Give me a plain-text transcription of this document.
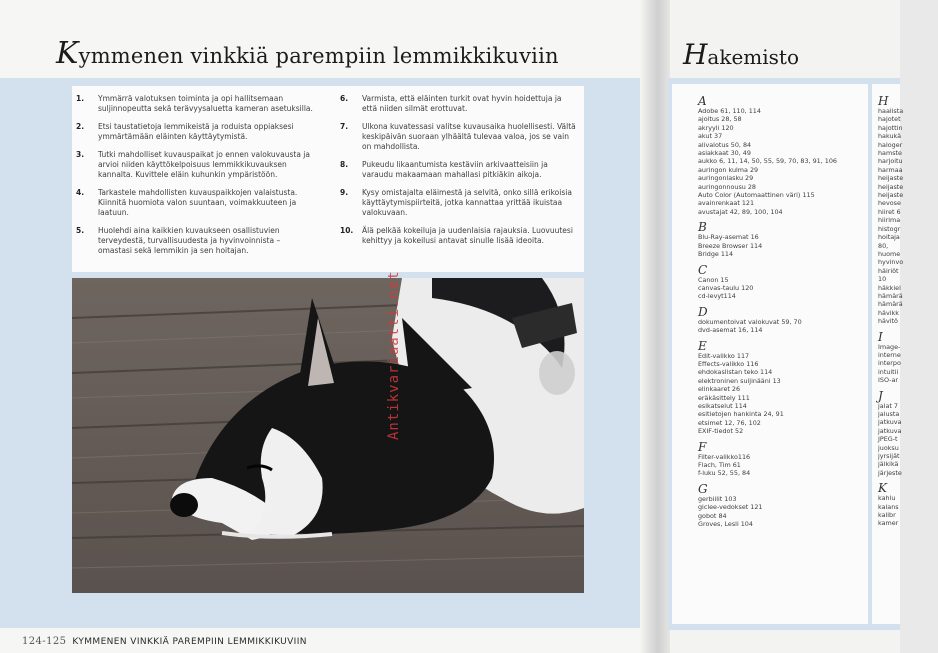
Kymmenen vinkkiä parempiin lemmikkikuviin
1. Ymmärrä valotuksen toiminta ja opi hallitsemaan suljinnopeutta sekä terävyysaluetta kameran asetuksilla.
2. Etsi taustatietoja lemmikeistä ja roduista oppiaksesi ymmärtämään eläinten käyttäytymistä.
3. Tutki mahdolliset kuvauspaikat jo ennen valokuvausta ja arvioi niiden käyttökelpoisuus lemmikkikuvauksen kannalta. Kuvittele eläin kuhunkin ympäristöön.
4. Tarkastele mahdollisten kuvauspaikkojen valaistusta. Kiinnitä huomiota valon suuntaan, voimakkuuteen ja laatuun.
5. Huolehdi aina kaikkien kuvaukseen osallistuvien terveydestä, turvallisuudesta ja hyvinvoinnista – omastasi sekä lemmikin ja sen hoitajan.
6. Varmista, että eläinten turkit ovat hyvin hoidettuja ja että niiden silmät erottuvat.
7. Ulkona kuvatessasi valitse kuvausaika huolellisesti. Vältä keskipäivän suoraan ylhäältä tulevaa valoa, jos se vain on mahdollista.
8. Pukeudu likaantumista kestäviin arkivaatteisiin ja varaudu makaamaan mahallasi pitkiäkin aikoja.
9. Kysy omistajalta eläimestä ja selvitä, onko sillä erikoisia käyttäytymispiirteitä, jotka kannattaa yrittää ikuistaa valokuvaan.
10. Älä pelkää kokeiluja ja uudenlaisia rajauksia. Luovuutesi kehittyy ja kokeilusi antavat sinulle lisää ideoita.
Antikvariaatti.net
124-125 KYMMENEN VINKKIÄ PAREMPIIN LEMMIKKIKUVIIN
Hakemisto
A
Adobe 61, 110, 114
ajoitus 28, 58
akryyli 120
akut 37
alivalotus 50, 84
asiakkaat 30, 49
aukko 6, 11, 14, 50, 55, 59, 70, 83, 91, 106
auringon kulma 29
auringonlasku 29
auringonnousu 28
Auto Color (Automaattinen väri) 115
avainrenkaat 121
avustajat 42, 89, 100, 104
B
Blu-Ray-asemat 16
Breeze Browser 114
Bridge 114
C
Canon 15
canvas-taulu 120
cd-levyt114
D
dokumentoivat valokuvat 59, 70
dvd-asemat 16, 114
E
Edit-valikko 117
Effects-valikko 116
ehdokaslistan teko 114
elektroninen suljinääni 13
elinkaaret 26
eräkäsittely 111
esikatselut 114
esitietojen hankinta 24, 91
etsimet 12, 76, 102
EXIF-tiedot 52
F
Filter-valikko116
Flach, Tim 61
f-luku 52, 55, 84
G
gerbiilit 103
giclee-vedokset 121
gobot 84
Groves, Lesli 104
H
haalista
hajotet
hajottin
hakukä
haloger
hamste
harjoitu
harmaa
heijaste
heijaste
heijaste
hevose
hiiret 6
hiirima
histogr
hoitaja
80,
huome
hyvinvo
häiriöt
10
häkkiel
hämärä
hämärä
hävikk
hävitö
I
Image-
interne
interpo
intuitii
ISO-ar
J
jalat 7
jalusta
jatkuva
jatkuva
JPEG-t
juoksu
jyrsijät
jälkikä
järjeste
K
kahlu
kalans
kalibr
kamer
